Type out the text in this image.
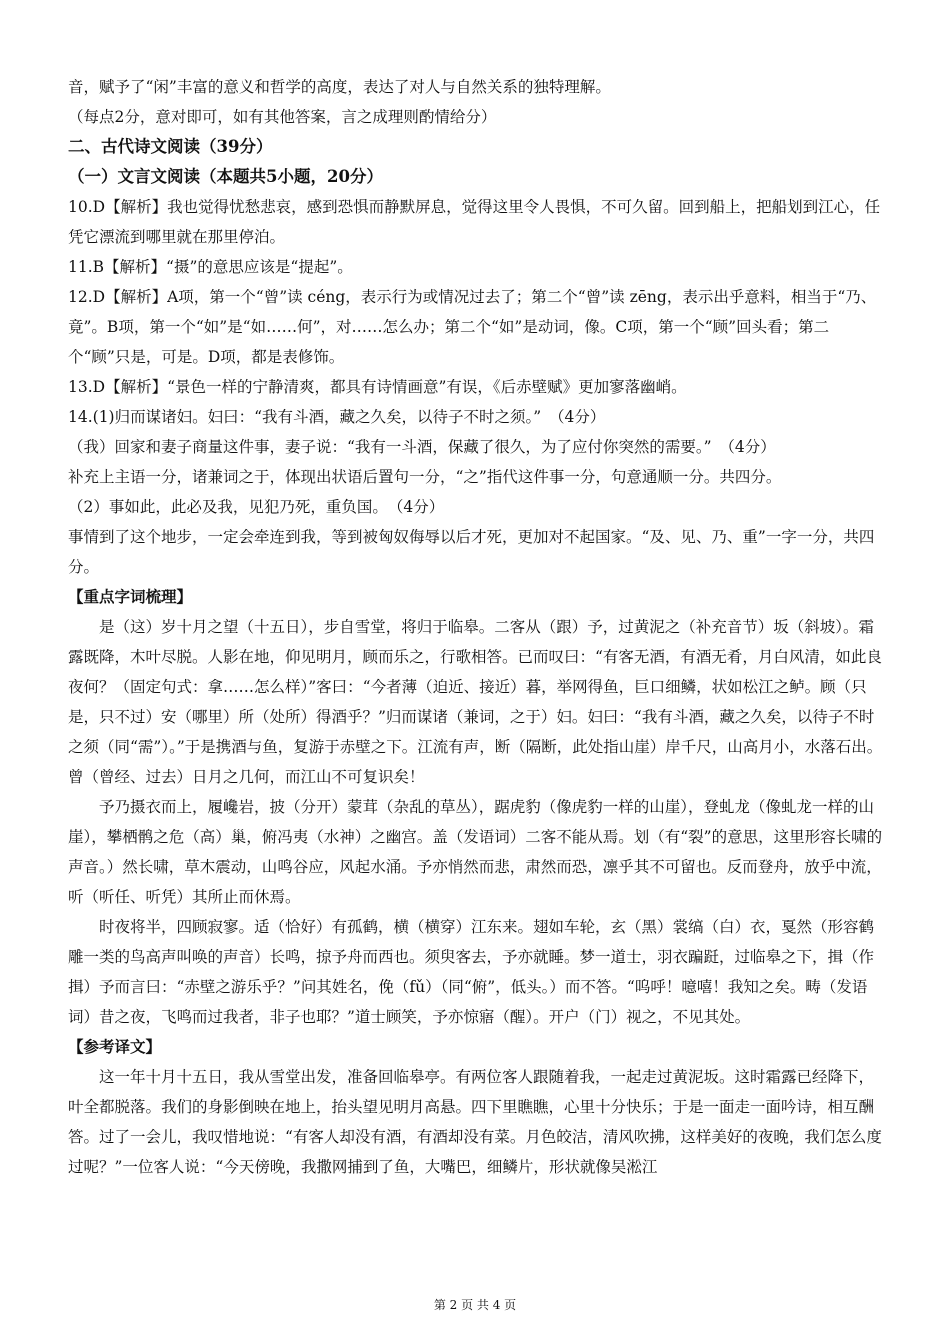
音，赋予了“闲”丰富的意义和哲学的高度，表达了对人与自然关系的独特理解。

（每点2分，意对即可，如有其他答案，言之成理则酌情给分）

二、古代诗文阅读（39分）

（一）文言文阅读（本题共5小题，20分）

10.D【解析】我也觉得忧愁悲哀，感到恐惧而静默屏息，觉得这里令人畏惧，不可久留。回到船上，把船划到江心，任凭它漂流到哪里就在那里停泊。

11.B【解析】“摄”的意思应该是“提起”。

12.D【解析】A项，第一个“曾”读 céng，表示行为或情况过去了；第二个“曾”读 zēng，表示出乎意料，相当于“乃、竟”。B项，第一个“如”是“如……何”，对……怎么办；第二个“如”是动词，像。C项，第一个“顾”回头看；第二个“顾”只是，可是。D项，都是表修饰。

13.D【解析】“景色一样的宁静清爽，都具有诗情画意”有误，《后赤壁赋》更加寥落幽峭。

14.(1)归而谋诸妇。妇曰：“我有斗酒，藏之久矣，以待子不时之须。”　（4分）

（我）回家和妻子商量这件事，妻子说：“我有一斗酒，保藏了很久，为了应付你突然的需要。”　（4分）

补充上主语一分，诸兼词之于，体现出状语后置句一分，“之”指代这件事一分，句意通顺一分。共四分。

（2）事如此，此必及我，见犯乃死，重负国。　（4分）

事情到了这个地步，一定会牵连到我，等到被匈奴侮辱以后才死，更加对不起国家。“及、见、乃、重”一字一分，共四分。

【重点字词梳理】

是（这）岁十月之望（十五日），步自雪堂，将归于临皋。二客从（跟）予，过黄泥之（补充音节）坂（斜坡）。霜露既降，木叶尽脱。人影在地，仰见明月，顾而乐之，行歌相答。已而叹曰：“有客无酒，有酒无肴，月白风清，如此良夜何？（固定句式：拿……怎么样）”客曰：“今者薄（迫近、接近）暮，举网得鱼，巨口细鳞，状如松江之鲈。顾（只是，只不过）安（哪里）所（处所）得酒乎？”归而谋诸（兼词，之于）妇。妇曰：“我有斗酒，藏之久矣，以待子不时之须（同“需”）。”于是携酒与鱼，复游于赤壁之下。江流有声，断（隔断，此处指山崖）岸千尺，山高月小，水落石出。曾（曾经、过去）日月之几何，而江山不可复识矣！

予乃摄衣而上，履巉岩，披（分开）蒙茸（杂乱的草丛），踞虎豹（像虎豹一样的山崖），登虬龙（像虬龙一样的山崖），攀栖鹘之危（高）巢，俯冯夷（水神）之幽宫。盖（发语词）二客不能从焉。划（有“裂”的意思，这里形容长啸的声音。）然长啸，草木震动，山鸣谷应，风起水涌。予亦悄然而悲，肃然而恐，凛乎其不可留也。反而登舟，放乎中流，听（听任、听凭）其所止而休焉。

时夜将半，四顾寂寥。适（恰好）有孤鹤，横（横穿）江东来。翅如车轮，玄（黑）裳缟（白）衣，戛然（形容鹤雕一类的鸟高声叫唤的声音）长鸣，掠予舟而西也。须臾客去，予亦就睡。梦一道士，羽衣蹁跹，过临皋之下，揖（作揖）予而言曰：“赤壁之游乐乎？”问其姓名，俛（fǔ）（同“俯”，低头。）而不答。“呜呼！噫嘻！我知之矣。畴（发语词）昔之夜，飞鸣而过我者，非子也耶？”道士顾笑，予亦惊寤（醒）。开户（门）视之，不见其处。

【参考译文】

这一年十月十五日，我从雪堂出发，准备回临皋亭。有两位客人跟随着我，一起走过黄泥坂。这时霜露已经降下，叶全都脱落。我们的身影倒映在地上，抬头望见明月高悬。四下里瞧瞧，心里十分快乐；于是一面走一面吟诗，相互酬答。过了一会儿，我叹惜地说：“有客人却没有酒，有酒却没有菜。月色皎洁，清风吹拂，这样美好的夜晚，我们怎么度过呢？”一位客人说：“今天傍晚，我撒网捕到了鱼，大嘴巴，细鳞片，形状就像吴淞江

第 2 页 共 4 页
